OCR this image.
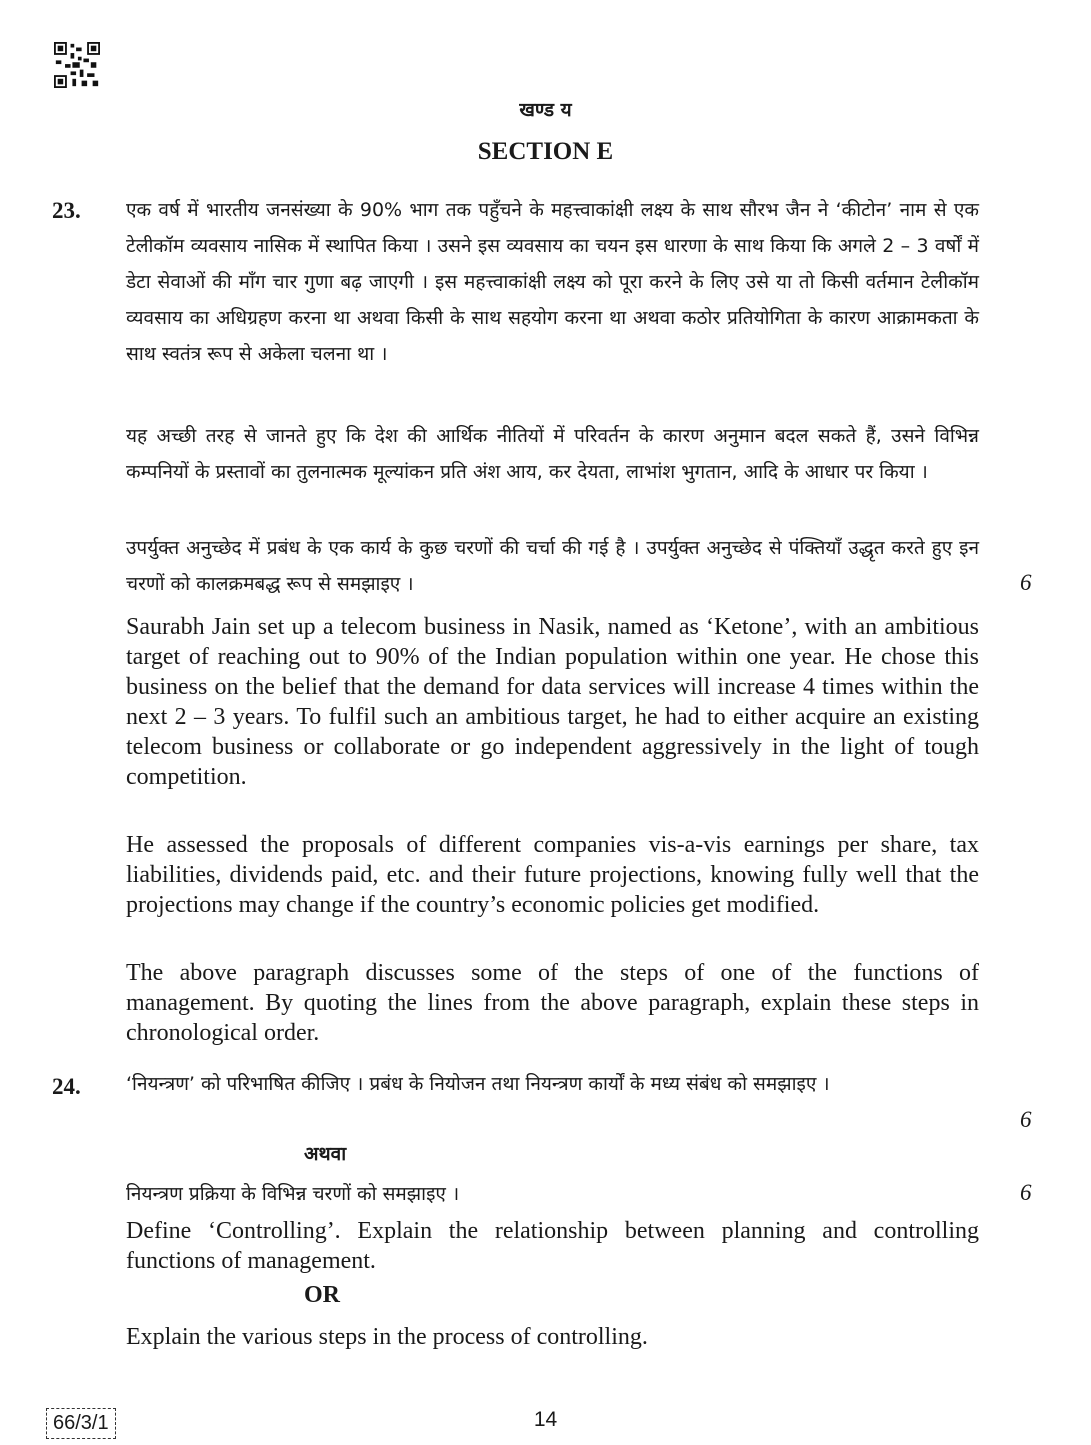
खण्ड य
SECTION E
23. एक वर्ष में भारतीय जनसंख्या के 90% भाग तक पहुँचने के महत्त्वाकांक्षी लक्ष्य के साथ सौरभ जैन ने ‘कीटोन’ नाम से एक टेलीकॉम व्यवसाय नासिक में स्थापित किया । उसने इस व्यवसाय का चयन इस धारणा के साथ किया कि अगले 2 – 3 वर्षों में डेटा सेवाओं की माँग चार गुणा बढ़ जाएगी । इस महत्त्वाकांक्षी लक्ष्य को पूरा करने के लिए उसे या तो किसी वर्तमान टेलीकॉम व्यवसाय का अधिग्रहण करना था अथवा किसी के साथ सहयोग करना था अथवा कठोर प्रतियोगिता के कारण आक्रामकता के साथ स्वतंत्र रूप से अकेला चलना था ।

यह अच्छी तरह से जानते हुए कि देश की आर्थिक नीतियों में परिवर्तन के कारण अनुमान बदल सकते हैं, उसने विभिन्न कम्पनियों के प्रस्तावों का तुलनात्मक मूल्यांकन प्रति अंश आय, कर देयता, लाभांश भुगतान, आदि के आधार पर किया ।

उपर्युक्त अनुच्छेद में प्रबंध के एक कार्य के कुछ चरणों की चर्चा की गई है । उपर्युक्त अनुच्छेद से पंक्तियाँ उद्धृत करते हुए इन चरणों को कालक्रमबद्ध रूप से समझाइए ।	6

Saurabh Jain set up a telecom business in Nasik, named as ‘Ketone’, with an ambitious target of reaching out to 90% of the Indian population within one year. He chose this business on the belief that the demand for data services will increase 4 times within the next 2 – 3 years. To fulfil such an ambitious target, he had to either acquire an existing telecom business or collaborate or go independent aggressively in the light of tough competition.

He assessed the proposals of different companies vis-a-vis earnings per share, tax liabilities, dividends paid, etc. and their future projections, knowing fully well that the projections may change if the country’s economic policies get modified.

The above paragraph discusses some of the steps of one of the functions of management. By quoting the lines from the above paragraph, explain these steps in chronological order.

24. ‘नियन्त्रण’ को परिभाषित कीजिए । प्रबंध के नियोजन तथा नियन्त्रण कार्यों के मध्य संबंध को समझाइए ।

6
अथवा

नियन्त्रण प्रक्रिया के विभिन्न चरणों को समझाइए ।	6

Define ‘Controlling’. Explain the relationship between planning and controlling functions of management.

OR

Explain the various steps in the process of controlling.

66/3/1	14
